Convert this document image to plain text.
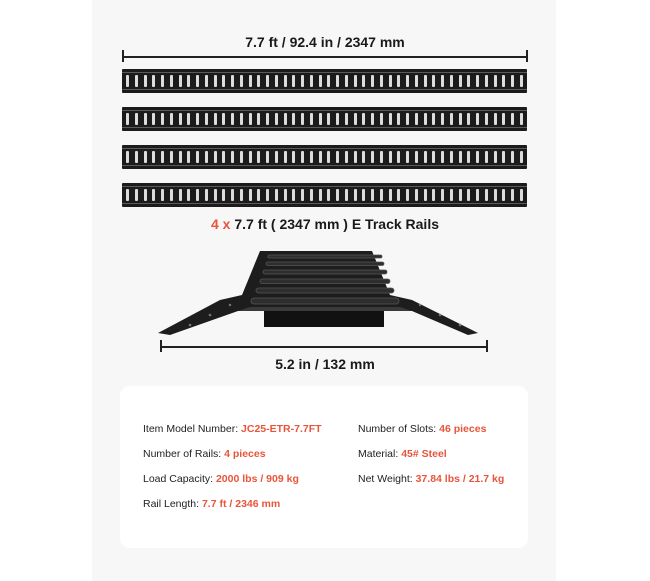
7.7 ft / 92.4 in / 2347 mm
4 x 7.7 ft ( 2347 mm ) E Track Rails
5.2 in / 132 mm
Item Model Number: JC25-ETR-7.7FT
Number of Rails: 4 pieces
Load Capacity: 2000 lbs / 909 kg
Rail Length: 7.7 ft / 2346 mm
Number of Slots: 46 pieces
Material: 45# Steel
Net Weight: 37.84 lbs / 21.7 kg
